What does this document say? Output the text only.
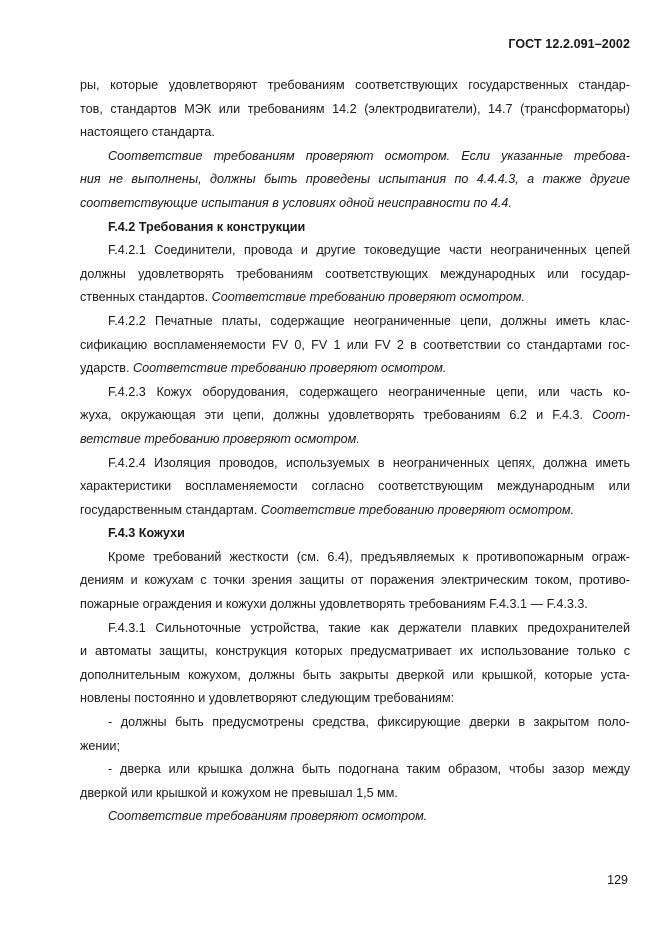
ГОСТ 12.2.091–2002
ры, которые удовлетворяют требованиям соответствующих государственных стандар-
тов, стандартов МЭК или требованиям 14.2 (электродвигатели), 14.7 (трансформаторы)
настоящего стандарта.
Соответствие требованиям проверяют осмотром. Если указанные требова-
ния не выполнены, должны быть проведены испытания по 4.4.4.3, а также другие
соответствующие испытания в условиях одной неисправности по 4.4.
F.4.2 Требования к конструкции
F.4.2.1 Соединители, провода и другие токоведущие части неограниченных цепей
должны удовлетворять требованиям соответствующих международных или государ-
ственных стандартов. Соответствие требованию проверяют осмотром.
F.4.2.2 Печатные платы, содержащие неограниченные цепи, должны иметь клас-
сификацию воспламеняемости FV 0, FV 1 или FV 2 в соответствии со стандартами гос-
ударств. Соответствие требованию проверяют осмотром.
F.4.2.3 Кожух оборудования, содержащего неограниченные цепи, или часть ко-
жуха, окружающая эти цепи, должны удовлетворять требованиям 6.2 и F.4.3. Соот-
ветствие требованию проверяют осмотром.
F.4.2.4 Изоляция проводов, используемых в неограниченных цепях, должна иметь
характеристики воспламеняемости согласно соответствующим международным или
государственным стандартам. Соответствие требованию проверяют осмотром.
F.4.3 Кожухи
Кроме требований жесткости (см. 6.4), предъявляемых к противопожарным ограж-
дениям и кожухам с точки зрения защиты от поражения электрическим током, противо-
пожарные ограждения и кожухи должны удовлетворять требованиям F.4.3.1 — F.4.3.3.
F.4.3.1 Сильноточные устройства, такие как держатели плавких предохранителей
и автоматы защиты, конструкция которых предусматривает их использование только с
дополнительным кожухом, должны быть закрыты дверкой или крышкой, которые уста-
новлены постоянно и удовлетворяют следующим требованиям:
- должны быть предусмотрены средства, фиксирующие дверки в закрытом поло-
жении;
- дверка или крышка должна быть подогнана таким образом, чтобы зазор между
дверкой или крышкой и кожухом не превышал 1,5 мм.
Соответствие требованиям проверяют осмотром.
129
